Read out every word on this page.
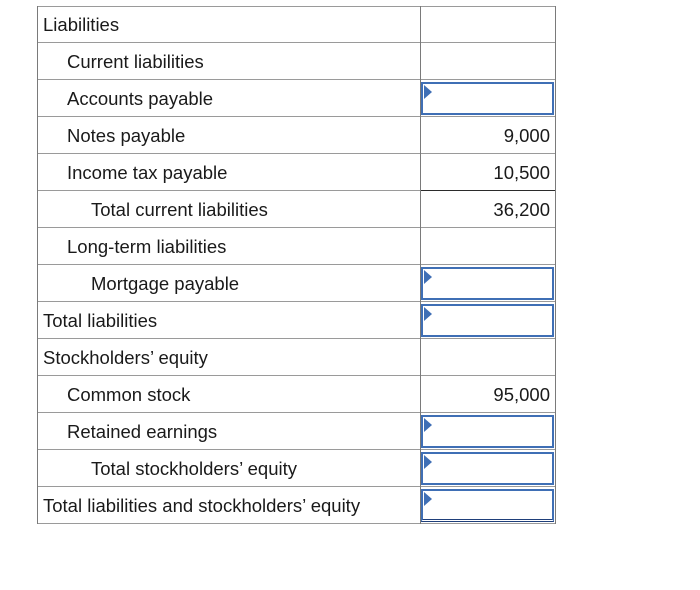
Liabilities
Current liabilities
Accounts payable
Notes payable	9,000
Income tax payable	10,500
Total current liabilities	36,200
Long-term liabilities
Mortgage payable
Total liabilities
Stockholders’ equity
Common stock	95,000
Retained earnings
Total stockholders’ equity
Total liabilities and stockholders’ equity
